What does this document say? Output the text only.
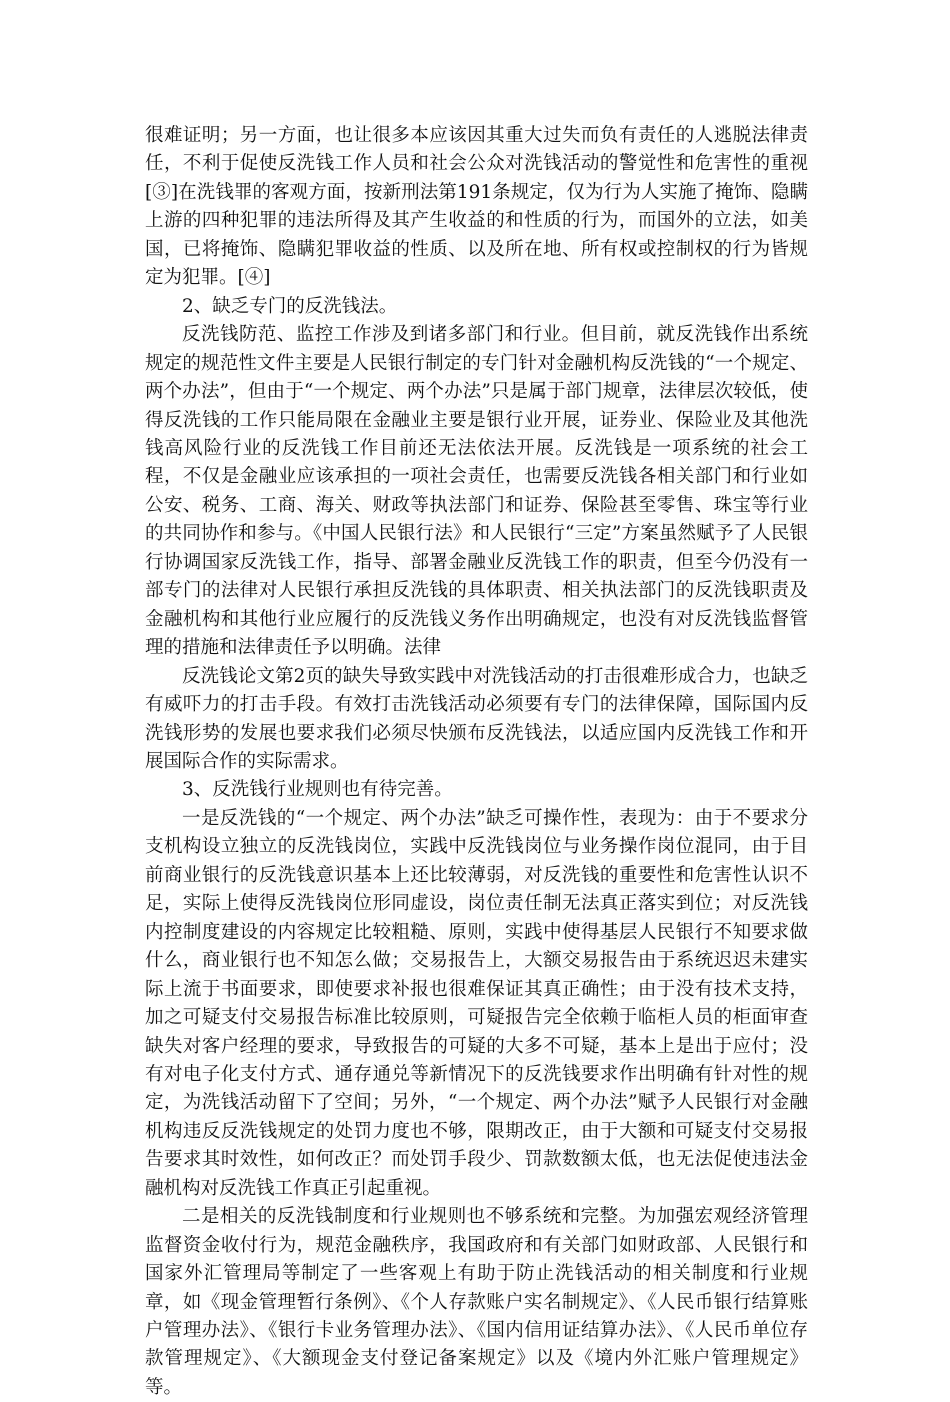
很难证明；另一方面，也让很多本应该因其重大过失而负有责任的人逃脱法律责任，不利于促使反洗钱工作人员和社会公众对洗钱活动的警觉性和危害性的重视[③]在洗钱罪的客观方面，按新刑法第191条规定，仅为行为人实施了掩饰、隐瞒上游的四种犯罪的违法所得及其产生收益的和性质的行为，而国外的立法，如美国，已将掩饰、隐瞒犯罪收益的性质、以及所在地、所有权或控制权的行为皆规定为犯罪。[④]

2、缺乏专门的反洗钱法。

反洗钱防范、监控工作涉及到诸多部门和行业。但目前，就反洗钱作出系统规定的规范性文件主要是人民银行制定的专门针对金融机构反洗钱的“一个规定、两个办法”，但由于“一个规定、两个办法”只是属于部门规章，法律层次较低，使得反洗钱的工作只能局限在金融业主要是银行业开展，证券业、保险业及其他洗钱高风险行业的反洗钱工作目前还无法依法开展。反洗钱是一项系统的社会工程，不仅是金融业应该承担的一项社会责任，也需要反洗钱各相关部门和行业如公安、税务、工商、海关、财政等执法部门和证券、保险甚至零售、珠宝等行业的共同协作和参与。《中国人民银行法》和人民银行“三定”方案虽然赋予了人民银行协调国家反洗钱工作，指导、部署金融业反洗钱工作的职责，但至今仍没有一部专门的法律对人民银行承担反洗钱的具体职责、相关执法部门的反洗钱职责及金融机构和其他行业应履行的反洗钱义务作出明确规定，也没有对反洗钱监督管理的措施和法律责任予以明确。法律

反洗钱论文第2页的缺失导致实践中对洗钱活动的打击很难形成合力，也缺乏有威吓力的打击手段。有效打击洗钱活动必须要有专门的法律保障，国际国内反洗钱形势的发展也要求我们必须尽快颁布反洗钱法，以适应国内反洗钱工作和开展国际合作的实际需求。

3、反洗钱行业规则也有待完善。

一是反洗钱的“一个规定、两个办法”缺乏可操作性，表现为：由于不要求分支机构设立独立的反洗钱岗位，实践中反洗钱岗位与业务操作岗位混同，由于目前商业银行的反洗钱意识基本上还比较薄弱，对反洗钱的重要性和危害性认识不足，实际上使得反洗钱岗位形同虚设，岗位责任制无法真正落实到位；对反洗钱内控制度建设的内容规定比较粗糙、原则，实践中使得基层人民银行不知要求做什么，商业银行也不知怎么做；交易报告上，大额交易报告由于系统迟迟未建实际上流于书面要求，即使要求补报也很难保证其真正确性；由于没有技术支持，加之可疑支付交易报告标准比较原则，可疑报告完全依赖于临柜人员的柜面审查缺失对客户经理的要求，导致报告的可疑的大多不可疑，基本上是出于应付；没有对电子化支付方式、通存通兑等新情况下的反洗钱要求作出明确有针对性的规定，为洗钱活动留下了空间；另外，“一个规定、两个办法”赋予人民银行对金融机构违反反洗钱规定的处罚力度也不够，限期改正，由于大额和可疑支付交易报告要求其时效性，如何改正？而处罚手段少、罚款数额太低，也无法促使违法金融机构对反洗钱工作真正引起重视。

二是相关的反洗钱制度和行业规则也不够系统和完整。为加强宏观经济管理监督资金收付行为，规范金融秩序，我国政府和有关部门如财政部、人民银行和国家外汇管理局等制定了一些客观上有助于防止洗钱活动的相关制度和行业规章，如《现金管理暂行条例》、《个人存款账户实名制规定》、《人民币银行结算账户管理办法》、《银行卡业务管理办法》、《国内信用证结算办法》、《人民币单位存款管理规定》、《大额现金支付登记备案规定》以及《境内外汇账户管理规定》等。
